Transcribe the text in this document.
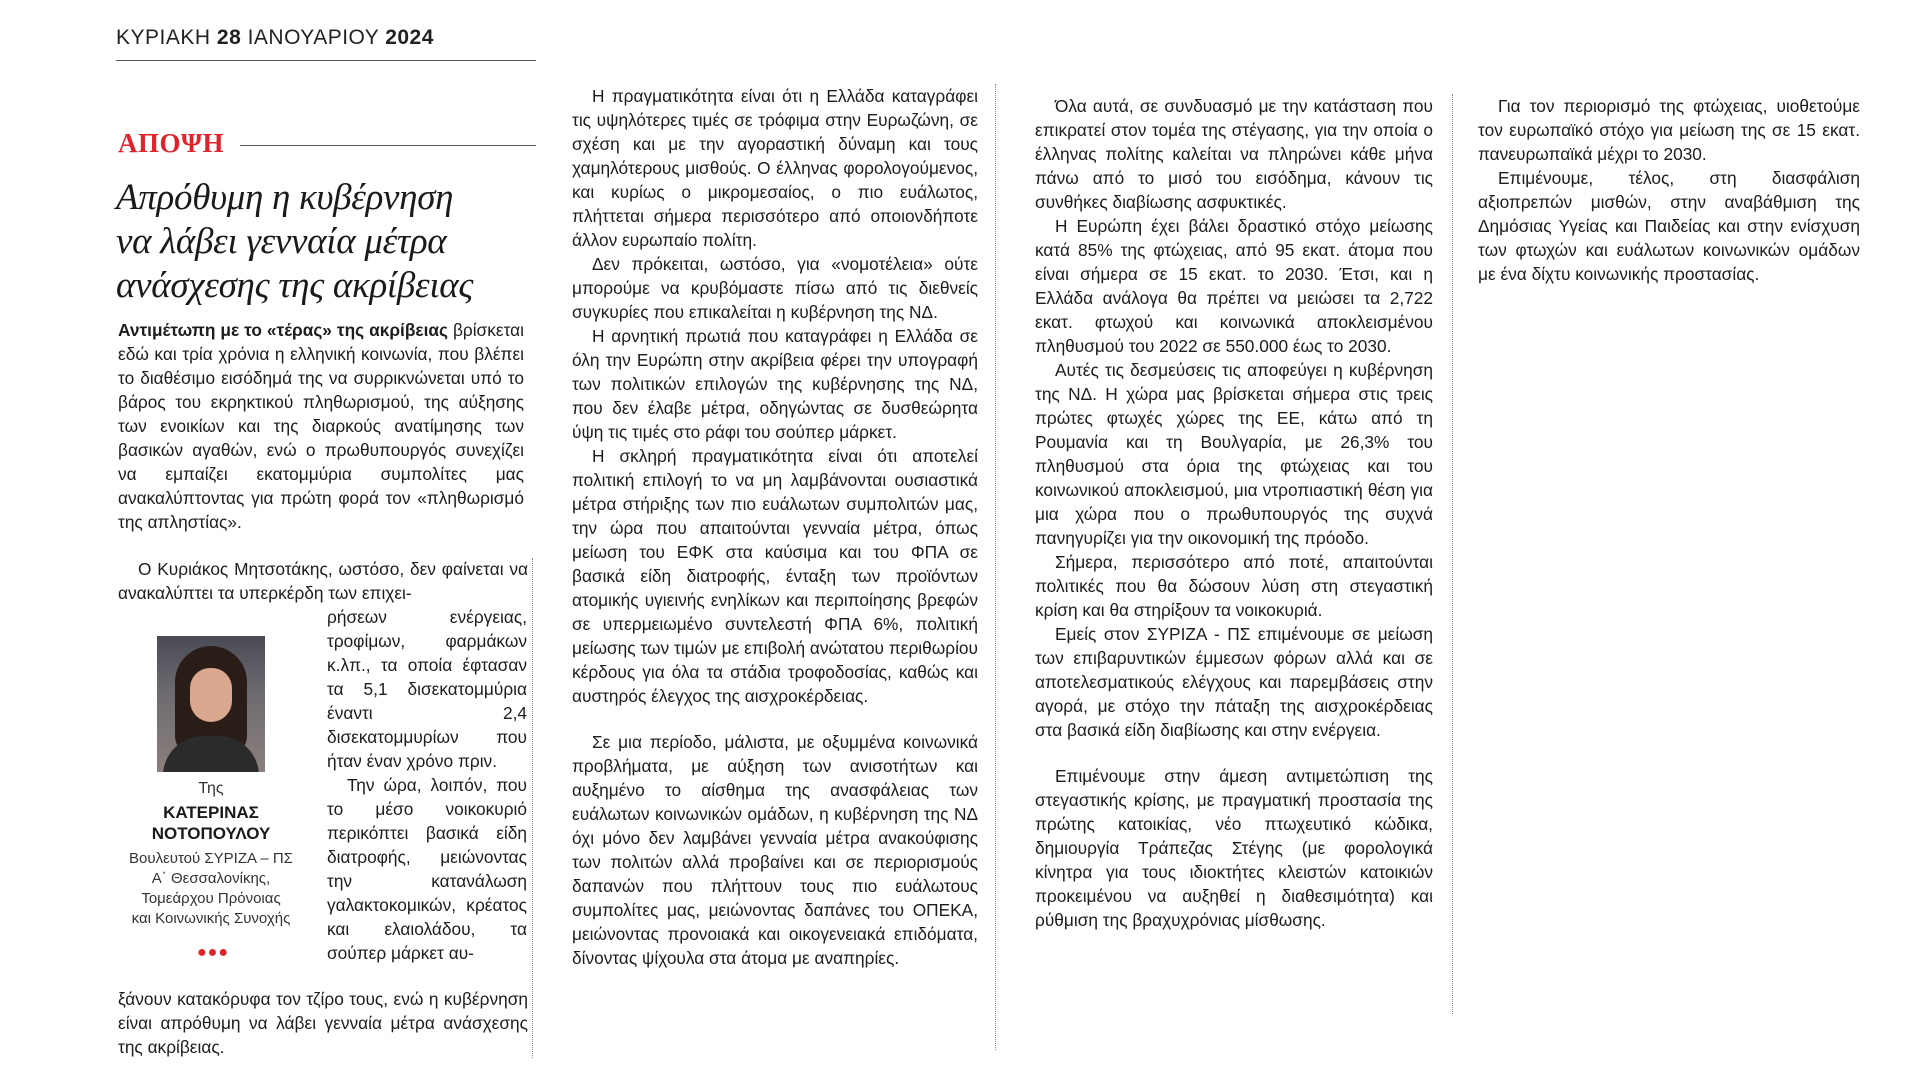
ΚΥΡΙΑΚΗ 28 ΙΑΝΟΥΑΡΙΟΥ 2024
ΑΠΟΨΗ
Απρόθυμη η κυβέρνηση
να λάβει γενναία μέτρα
ανάσχεσης της ακρίβειας

Αντιμέτωπη με το «τέρας» της ακρίβειας βρίσκεται εδώ και τρία χρόνια η ελληνική κοινωνία, που βλέπει το διαθέσιμο εισόδημά της να συρρικνώνεται υπό το βάρος του εκρηκτικού πληθωρισμού, της αύξησης των ενοικίων και της διαρκούς ανατίμησης των βασικών αγαθών, ενώ ο πρωθυπουργός συνεχίζει να εμπαίζει εκατομμύρια συμπολίτες μας ανακαλύπτοντας για πρώτη φορά τον «πληθωρισμό της απληστίας».

Ο Κυριάκος Μητσοτάκης, ωστόσο, δεν φαίνεται να ανακαλύπτει τα υπερκέρδη των επιχει-

ρήσεων ενέργειας, τροφίμων, φαρμάκων κ.λπ., τα οποία έφτασαν τα 5,1 δισεκατομμύρια έναντι 2,4 δισεκατομμυρίων που ήταν έναν χρόνο πριν.

Την ώρα, λοιπόν, που το μέσο νοικοκυριό περικόπτει βασικά είδη διατροφής, μειώνοντας την κατανάλωση γαλακτοκομικών, κρέατος και ελαιολάδου, τα σούπερ μάρκετ αυ-

ξάνουν κατακόρυφα τον τζίρο τους, ενώ η κυβέρνηση είναι απρόθυμη να λάβει γενναία μέτρα ανάσχεσης της ακρίβειας.

Της
ΚΑΤΕΡΙΝΑΣ
ΝΟΤΟΠΟΥΛΟΥ
Βουλευτού ΣΥΡΙΖΑ – ΠΣ
Α΄ Θεσσαλονίκης,
Τομεάρχου Πρόνοιας
και Κοινωνικής Συνοχής
●●●

Η πραγματικότητα είναι ότι η Ελλάδα καταγράφει τις υψηλότερες τιμές σε τρόφιμα στην Ευρωζώνη, σε σχέση και με την αγοραστική δύναμη και τους χαμηλότερους μισθούς. Ο έλληνας φορολογούμενος, και κυρίως ο μικρομεσαίος, ο πιο ευάλωτος, πλήττεται σήμερα περισσότερο από οποιονδήποτε άλλον ευρωπαίο πολίτη.

Δεν πρόκειται, ωστόσο, για «νομοτέλεια» ούτε μπορούμε να κρυβόμαστε πίσω από τις διεθνείς συγκυρίες που επικαλείται η κυβέρνηση της ΝΔ.

Η αρνητική πρωτιά που καταγράφει η Ελλάδα σε όλη την Ευρώπη στην ακρίβεια φέρει την υπογραφή των πολιτικών επιλογών της κυβέρνησης της ΝΔ, που δεν έλαβε μέτρα, οδηγώντας σε δυσθεώρητα ύψη τις τιμές στο ράφι του σούπερ μάρκετ.

Η σκληρή πραγματικότητα είναι ότι αποτελεί πολιτική επιλογή το να μη λαμβάνονται ουσιαστικά μέτρα στήριξης των πιο ευάλωτων συμπολιτών μας, την ώρα που απαιτούνται γενναία μέτρα, όπως μείωση του ΕΦΚ στα καύσιμα και του ΦΠΑ σε βασικά είδη διατροφής, ένταξη των προϊόντων ατομικής υγιεινής ενηλίκων και περιποίησης βρεφών σε υπερμειωμένο συντελεστή ΦΠΑ 6%, πολιτική μείωσης των τιμών με επιβολή ανώτατου περιθωρίου κέρδους για όλα τα στάδια τροφοδοσίας, καθώς και αυστηρός έλεγχος της αισχροκέρδειας.

Σε μια περίοδο, μάλιστα, με οξυμμένα κοινωνικά προβλήματα, με αύξηση των ανισοτήτων και αυξημένο το αίσθημα της ανασφάλειας των ευάλωτων κοινωνικών ομάδων, η κυβέρνηση της ΝΔ όχι μόνο δεν λαμβάνει γενναία μέτρα ανακούφισης των πολιτών αλλά προβαίνει και σε περιορισμούς δαπανών που πλήττουν τους πιο ευάλωτους συμπολίτες μας, μειώνοντας δαπάνες του ΟΠΕΚΑ, μειώνοντας προνοιακά και οικογενειακά επιδόματα, δίνοντας ψίχουλα στα άτομα με αναπηρίες.

Όλα αυτά, σε συνδυασμό με την κατάσταση που επικρατεί στον τομέα της στέγασης, για την οποία ο έλληνας πολίτης καλείται να πληρώνει κάθε μήνα πάνω από το μισό του εισόδημα, κάνουν τις συνθήκες διαβίωσης ασφυκτικές.

Η Ευρώπη έχει βάλει δραστικό στόχο μείωσης κατά 85% της φτώχειας, από 95 εκατ. άτομα που είναι σήμερα σε 15 εκατ. το 2030. Έτσι, και η Ελλάδα ανάλογα θα πρέπει να μειώσει τα 2,722 εκατ. φτωχού και κοινωνικά αποκλεισμένου πληθυσμού του 2022 σε 550.000 έως το 2030.

Αυτές τις δεσμεύσεις τις αποφεύγει η κυβέρνηση της ΝΔ. Η χώρα μας βρίσκεται σήμερα στις τρεις πρώτες φτωχές χώρες της ΕΕ, κάτω από τη Ρουμανία και τη Βουλγαρία, με 26,3% του πληθυσμού στα όρια της φτώχειας και του κοινωνικού αποκλεισμού, μια ντροπιαστική θέση για μια χώρα που ο πρωθυπουργός της συχνά πανηγυρίζει για την οικονομική της πρόοδο.

Σήμερα, περισσότερο από ποτέ, απαιτούνται πολιτικές που θα δώσουν λύση στη στεγαστική κρίση και θα στηρίξουν τα νοικοκυριά.

Εμείς στον ΣΥΡΙΖΑ - ΠΣ επιμένουμε σε μείωση των επιβαρυντικών έμμεσων φόρων αλλά και σε αποτελεσματικούς ελέγχους και παρεμβάσεις στην αγορά, με στόχο την πάταξη της αισχροκέρδειας στα βασικά είδη διαβίωσης και στην ενέργεια.

Επιμένουμε στην άμεση αντιμετώπιση της στεγαστικής κρίσης, με πραγματική προστασία της πρώτης κατοικίας, νέο πτωχευτικό κώδικα, δημιουργία Τράπεζας Στέγης (με φορολογικά κίνητρα για τους ιδιοκτήτες κλειστών κατοικιών προκειμένου να αυξηθεί η διαθεσιμότητα) και ρύθμιση της βραχυχρόνιας μίσθωσης.

Για τον περιορισμό της φτώχειας, υιοθετούμε τον ευρωπαϊκό στόχο για μείωση της σε 15 εκατ. πανευρωπαϊκά μέχρι το 2030.

Επιμένουμε, τέλος, στη διασφάλιση αξιοπρεπών μισθών, στην αναβάθμιση της Δημόσιας Υγείας και Παιδείας και στην ενίσχυση των φτωχών και ευάλωτων κοινωνικών ομάδων με ένα δίχτυ κοινωνικής προστασίας.
